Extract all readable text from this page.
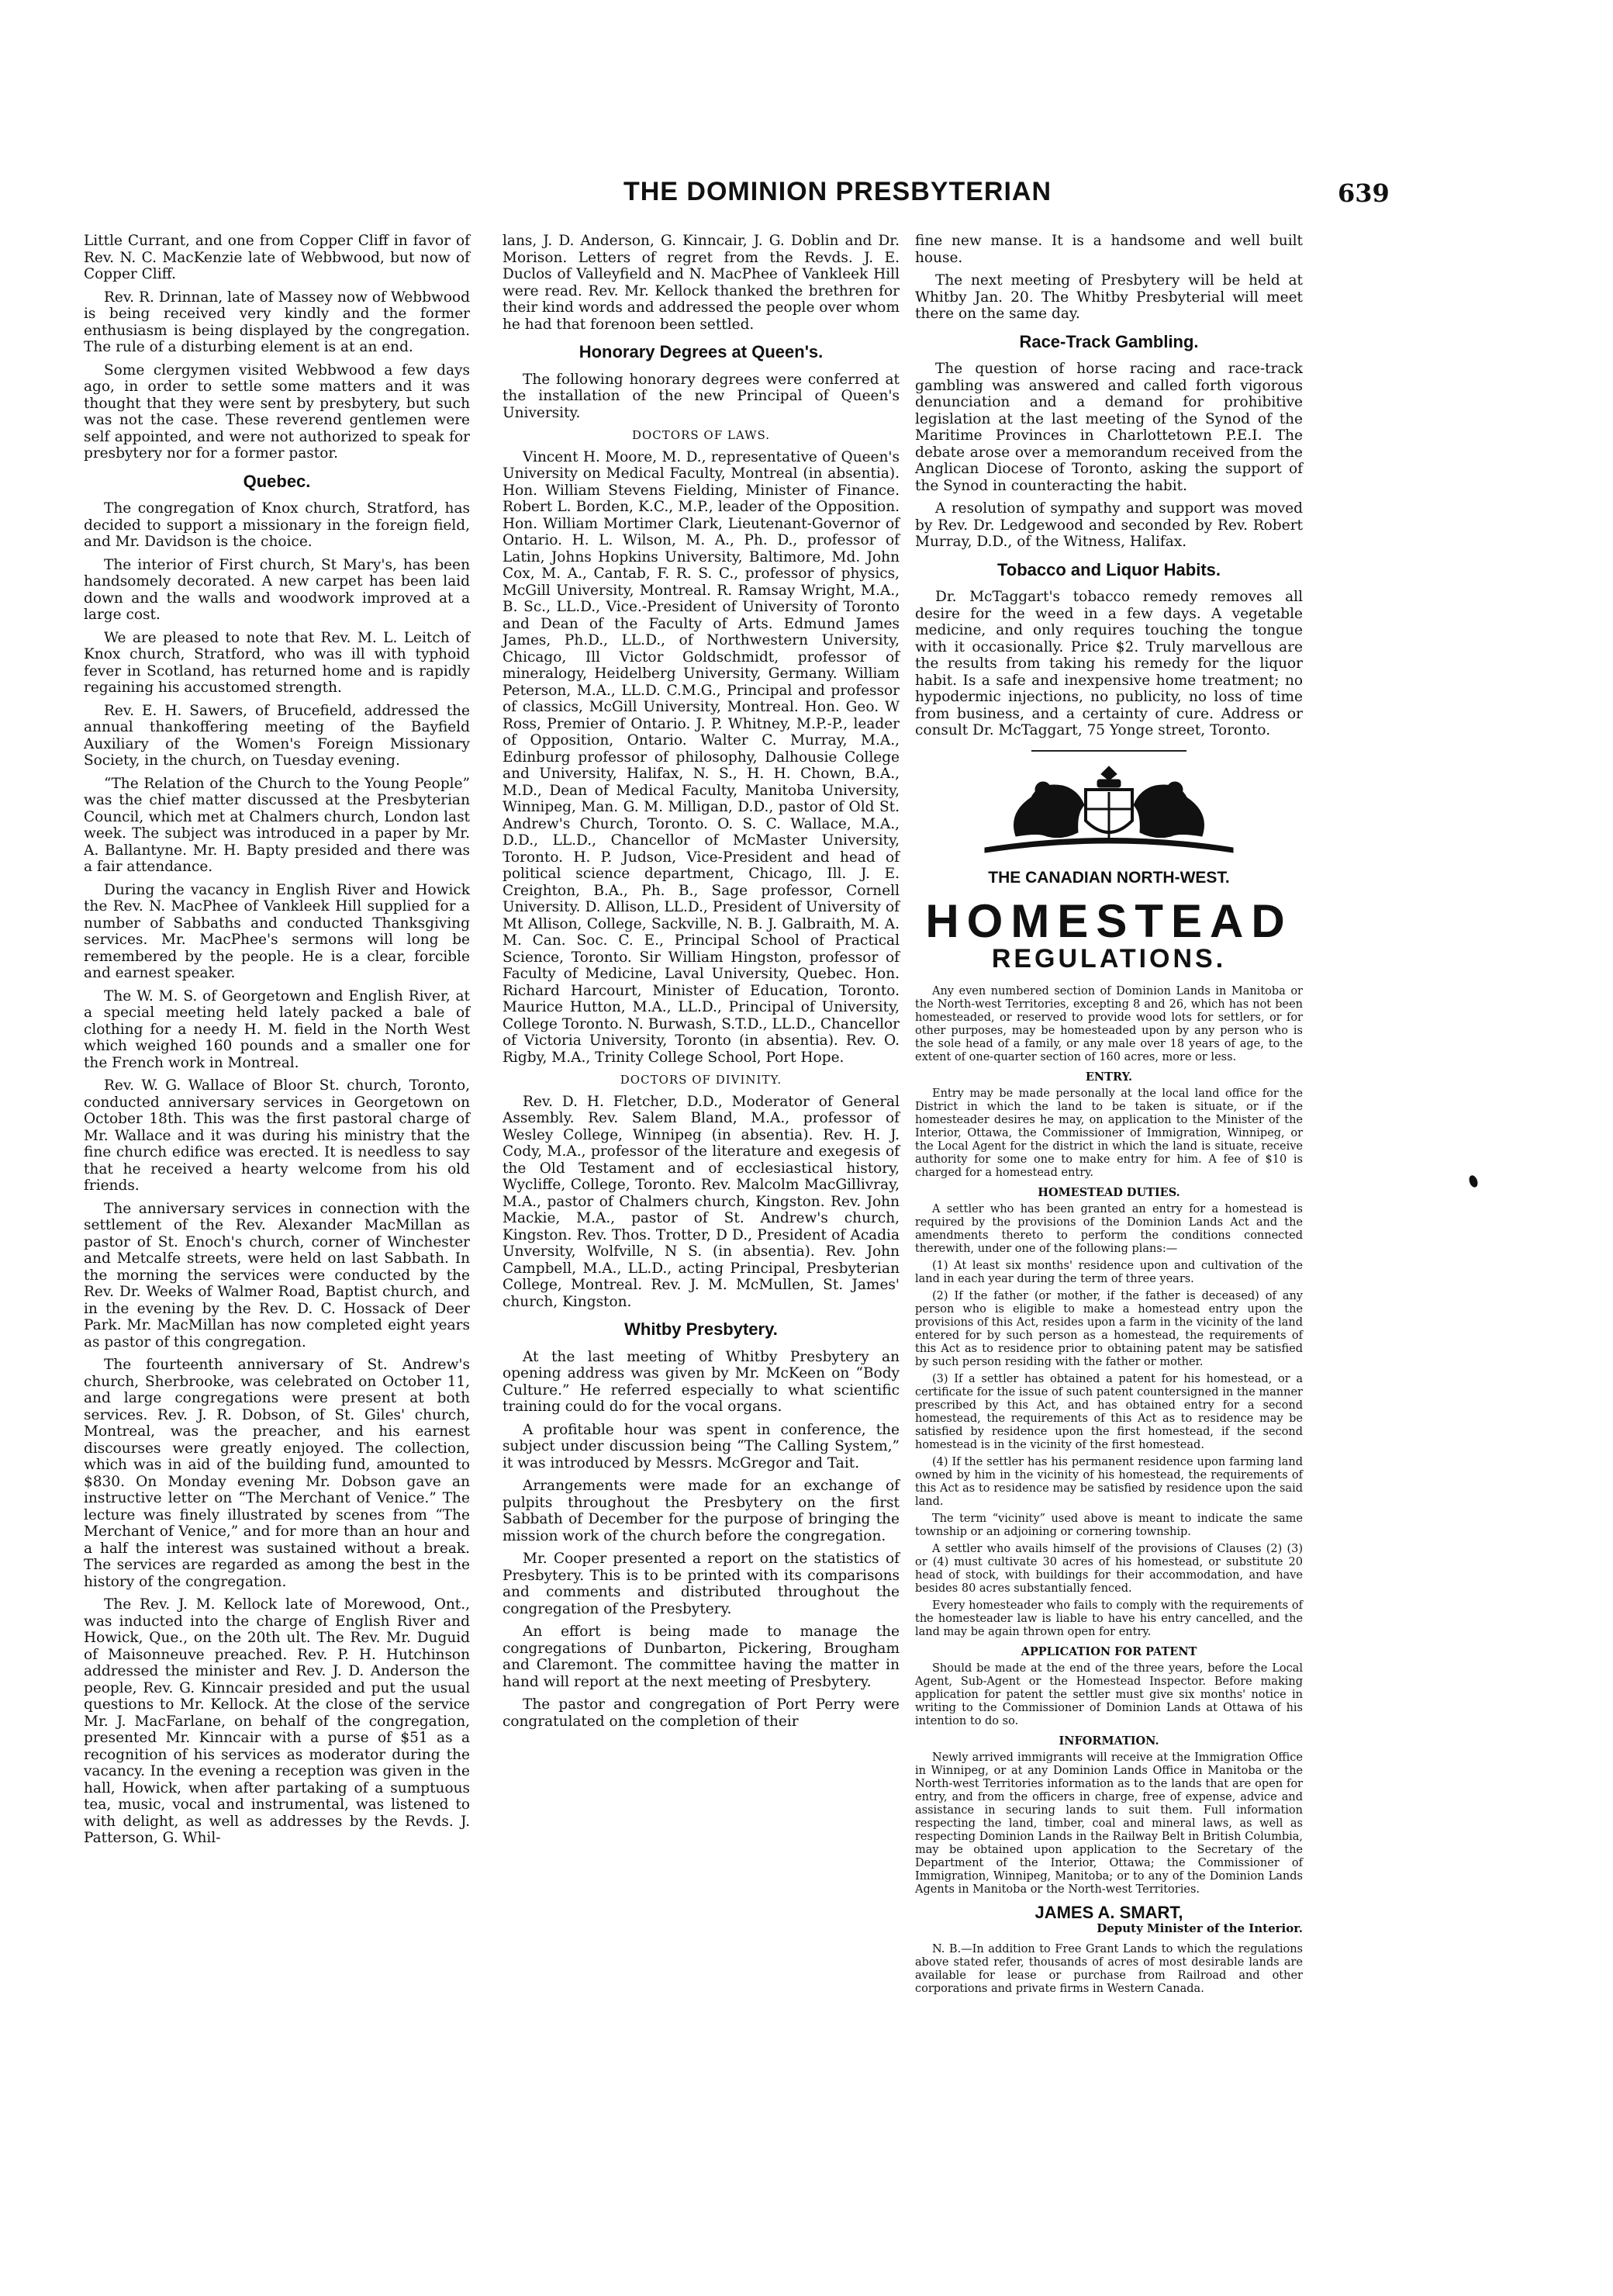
THE DOMINION PRESBYTERIAN	639

Little Currant, and one from Copper Cliff in favor of Rev. N. C. MacKenzie late of Webbwood, but now of Copper Cliff.

Rev. R. Drinnan, late of Massey now of Webbwood is being received very kindly and the former enthusiasm is being displayed by the congregation. The rule of a disturbing element is at an end.

Some clergymen visited Webbwood a few days ago, in order to settle some matters and it was thought that they were sent by presbytery, but such was not the case. These reverend gentlemen were self appointed, and were not authorized to speak for presbytery nor for a former pastor.

Quebec.

The congregation of Knox church, Stratford, has decided to support a missionary in the foreign field, and Mr. Davidson is the choice.

The interior of First church, St Mary's, has been handsomely decorated. A new carpet has been laid down and the walls and woodwork improved at a large cost.

We are pleased to note that Rev. M. L. Leitch of Knox church, Stratford, who was ill with typhoid fever in Scotland, has returned home and is rapidly regaining his accustomed strength.

Rev. E. H. Sawers, of Brucefield, addressed the annual thankoffering meeting of the Bayfield Auxiliary of the Women's Foreign Missionary Society, in the church, on Tuesday evening.

“The Relation of the Church to the Young People” was the chief matter discussed at the Presbyterian Council, which met at Chalmers church, London last week. The subject was introduced in a paper by Mr. A. Ballantyne. Mr. H. Bapty presided and there was a fair attendance.

During the vacancy in English River and Howick the Rev. N. MacPhee of Vankleek Hill supplied for a number of Sabbaths and conducted Thanksgiving services. Mr. MacPhee's sermons will long be remembered by the people. He is a clear, forcible and earnest speaker.

The W. M. S. of Georgetown and English River, at a special meeting held lately packed a bale of clothing for a needy H. M. field in the North West which weighed 160 pounds and a smaller one for the French work in Montreal.

Rev. W. G. Wallace of Bloor St. church, Toronto, conducted anniversary services in Georgetown on October 18th. This was the first pastoral charge of Mr. Wallace and it was during his ministry that the fine church edifice was erected. It is needless to say that he received a hearty welcome from his old friends.

The anniversary services in connection with the settlement of the Rev. Alexander MacMillan as pastor of St. Enoch's church, corner of Winchester and Metcalfe streets, were held on last Sabbath. In the morning the services were conducted by the Rev. Dr. Weeks of Walmer Road, Baptist church, and in the evening by the Rev. D. C. Hossack of Deer Park. Mr. MacMillan has now completed eight years as pastor of this congregation.

The fourteenth anniversary of St. Andrew's church, Sherbrooke, was celebrated on October 11, and large congregations were present at both services. Rev. J. R. Dobson, of St. Giles' church, Montreal, was the preacher, and his earnest discourses were greatly enjoyed. The collection, which was in aid of the building fund, amounted to $830. On Monday evening Mr. Dobson gave an instructive letter on “The Merchant of Venice.” The lecture was finely illustrated by scenes from “The Merchant of Venice,” and for more than an hour and a half the interest was sustained without a break. The services are regarded as among the best in the history of the congregation.

The Rev. J. M. Kellock late of Morewood, Ont., was inducted into the charge of English River and Howick, Que., on the 20th ult. The Rev. Mr. Duguid of Maisonneuve preached. Rev. P. H. Hutchinson addressed the minister and Rev. J. D. Anderson the people, Rev. G. Kinncair presided and put the usual questions to Mr. Kellock. At the close of the service Mr. J. MacFarlane, on behalf of the congregation, presented Mr. Kinncair with a purse of $51 as a recognition of his services as moderator during the vacancy. In the evening a reception was given in the hall, Howick, when after partaking of a sumptuous tea, music, vocal and instrumental, was listened to with delight, as well as addresses by the Revds. J. Patterson, G. Whil-

lans, J. D. Anderson, G. Kinncair, J. G. Doblin and Dr. Morison. Letters of regret from the Revds. J. E. Duclos of Valleyfield and N. MacPhee of Vankleek Hill were read. Rev. Mr. Kellock thanked the brethren for their kind words and addressed the people over whom he had that forenoon been settled.

Honorary Degrees at Queen's.

The following honorary degrees were conferred at the installation of the new Principal of Queen's University.

DOCTORS OF LAWS.

Vincent H. Moore, M. D., representative of Queen's University on Medical Faculty, Montreal (in absentia). Hon. William Stevens Fielding, Minister of Finance. Robert L. Borden, K.C., M.P., leader of the Opposition. Hon. William Mortimer Clark, Lieutenant-Governor of Ontario. H. L. Wilson, M. A., Ph. D., professor of Latin, Johns Hopkins University, Baltimore, Md. John Cox, M. A., Cantab, F. R. S. C., professor of physics, McGill University, Montreal. R. Ramsay Wright, M.A., B. Sc., LL.D., Vice.-President of University of Toronto and Dean of the Faculty of Arts. Edmund James James, Ph.D., LL.D., of Northwestern University, Chicago, Ill Victor Goldschmidt, professor of mineralogy, Heidelberg University, Germany. William Peterson, M.A., LL.D. C.M.G., Principal and professor of classics, McGill University, Montreal. Hon. Geo. W Ross, Premier of Ontario. J. P. Whitney, M.P.-P., leader of Opposition, Ontario. Walter C. Murray, M.A., Edinburg professor of philosophy, Dalhousie College and University, Halifax, N. S., H. H. Chown, B.A., M.D., Dean of Medical Faculty, Manitoba University, Winnipeg, Man. G. M. Milligan, D.D., pastor of Old St. Andrew's Church, Toronto. O. S. C. Wallace, M.A., D.D., LL.D., Chancellor of McMaster University, Toronto. H. P. Judson, Vice-President and head of political science department, Chicago, Ill. J. E. Creighton, B.A., Ph. B., Sage professor, Cornell University. D. Allison, LL.D., President of University of Mt Allison, College, Sackville, N. B. J. Galbraith, M. A. M. Can. Soc. C. E., Principal School of Practical Science, Toronto. Sir William Hingston, professor of Faculty of Medicine, Laval University, Quebec. Hon. Richard Harcourt, Minister of Education, Toronto. Maurice Hutton, M.A., LL.D., Principal of University, College Toronto. N. Burwash, S.T.D., LL.D., Chancellor of Victoria University, Toronto (in absentia). Rev. O. Rigby, M.A., Trinity College School, Port Hope.

DOCTORS OF DIVINITY.

Rev. D. H. Fletcher, D.D., Moderator of General Assembly. Rev. Salem Bland, M.A., professor of Wesley College, Winnipeg (in absentia). Rev. H. J. Cody, M.A., professor of the literature and exegesis of the Old Testament and of ecclesiastical history, Wycliffe, College, Toronto. Rev. Malcolm MacGillivray, M.A., pastor of Chalmers church, Kingston. Rev. John Mackie, M.A., pastor of St. Andrew's church, Kingston. Rev. Thos. Trotter, D D., President of Acadia Unversity, Wolfville, N S. (in absentia). Rev. John Campbell, M.A., LL.D., acting Principal, Presbyterian College, Montreal. Rev. J. M. McMullen, St. James' church, Kingston.

Whitby Presbytery.

At the last meeting of Whitby Presbytery an opening address was given by Mr. McKeen on “Body Culture.” He referred especially to what scientific training could do for the vocal organs.

A profitable hour was spent in conference, the subject under discussion being “The Calling System,” it was introduced by Messrs. McGregor and Tait.

Arrangements were made for an exchange of pulpits throughout the Presbytery on the first Sabbath of December for the purpose of bringing the mission work of the church before the congregation.

Mr. Cooper presented a report on the statistics of Presbytery. This is to be printed with its comparisons and comments and distributed throughout the congregation of the Presbytery.

An effort is being made to manage the congregations of Dunbarton, Pickering, Brougham and Claremont. The committee having the matter in hand will report at the next meeting of Presbytery.

The pastor and congregation of Port Perry were congratulated on the completion of their

fine new manse. It is a handsome and well built house.

The next meeting of Presbytery will be held at Whitby Jan. 20. The Whitby Presbyterial will meet there on the same day.

Race-Track Gambling.

The question of horse racing and race-track gambling was answered and called forth vigorous denunciation and a demand for prohibitive legislation at the last meeting of the Synod of the Maritime Provinces in Charlottetown P.E.I. The debate arose over a memorandum received from the Anglican Diocese of Toronto, asking the support of the Synod in counteracting the habit.

A resolution of sympathy and support was moved by Rev. Dr. Ledgewood and seconded by Rev. Robert Murray, D.D., of the Witness, Halifax.

Tobacco and Liquor Habits.

Dr. McTaggart's tobacco remedy removes all desire for the weed in a few days. A vegetable medicine, and only requires touching the tongue with it occasionally. Price $2. Truly marvellous are the results from taking his remedy for the liquor habit. Is a safe and inexpensive home treatment; no hypodermic injections, no publicity, no loss of time from business, and a certainty of cure. Address or consult Dr. McTaggart, 75 Yonge street, Toronto.

THE CANADIAN NORTH-WEST.
HOMESTEAD
REGULATIONS.

Any even numbered section of Dominion Lands in Manitoba or the North-west Territories, excepting 8 and 26, which has not been homesteaded, or reserved to provide wood lots for settlers, or for other purposes, may be homesteaded upon by any person who is the sole head of a family, or any male over 18 years of age, to the extent of one-quarter section of 160 acres, more or less.

ENTRY.

Entry may be made personally at the local land office for the District in which the land to be taken is situate, or if the homesteader desires he may, on application to the Minister of the Interior, Ottawa, the Commissioner of Immigration, Winnipeg, or the Local Agent for the district in which the land is situate, receive authority for some one to make entry for him. A fee of $10 is charged for a homestead entry.

HOMESTEAD DUTIES.

A settler who has been granted an entry for a homestead is required by the provisions of the Dominion Lands Act and the amendments thereto to perform the conditions connected therewith, under one of the following plans:—

(1) At least six months' residence upon and cultivation of the land in each year during the term of three years.

(2) If the father (or mother, if the father is deceased) of any person who is eligible to make a homestead entry upon the provisions of this Act, resides upon a farm in the vicinity of the land entered for by such person as a homestead, the requirements of this Act as to residence prior to obtaining patent may be satisfied by such person residing with the father or mother.

(3) If a settler has obtained a patent for his homestead, or a certificate for the issue of such patent countersigned in the manner prescribed by this Act, and has obtained entry for a second homestead, the requirements of this Act as to residence may be satisfied by residence upon the first homestead, if the second homestead is in the vicinity of the first homestead.

(4) If the settler has his permanent residence upon farming land owned by him in the vicinity of his homestead, the requirements of this Act as to residence may be satisfied by residence upon the said land.

The term “vicinity” used above is meant to indicate the same township or an adjoining or cornering township.

A settler who avails himself of the provisions of Clauses (2) (3) or (4) must cultivate 30 acres of his homestead, or substitute 20 head of stock, with buildings for their accommodation, and have besides 80 acres substantially fenced.

Every homesteader who fails to comply with the requirements of the homesteader law is liable to have his entry cancelled, and the land may be again thrown open for entry.

APPLICATION FOR PATENT

Should be made at the end of the three years, before the Local Agent, Sub-Agent or the Homestead Inspector. Before making application for patent the settler must give six months' notice in writing to the Commissioner of Dominion Lands at Ottawa of his intention to do so.

INFORMATION.

Newly arrived immigrants will receive at the Immigration Office in Winnipeg, or at any Dominion Lands Office in Manitoba or the North-west Territories information as to the lands that are open for entry, and from the officers in charge, free of expense, advice and assistance in securing lands to suit them. Full information respecting the land, timber, coal and mineral laws, as well as respecting Dominion Lands in the Railway Belt in British Columbia, may be obtained upon application to the Secretary of the Department of the Interior, Ottawa; the Commissioner of Immigration, Winnipeg, Manitoba; or to any of the Dominion Lands Agents in Manitoba or the North-west Territories.

JAMES A. SMART,
Deputy Minister of the Interior.

N. B.—In addition to Free Grant Lands to which the regulations above stated refer, thousands of acres of most desirable lands are available for lease or purchase from Railroad and other corporations and private firms in Western Canada.
